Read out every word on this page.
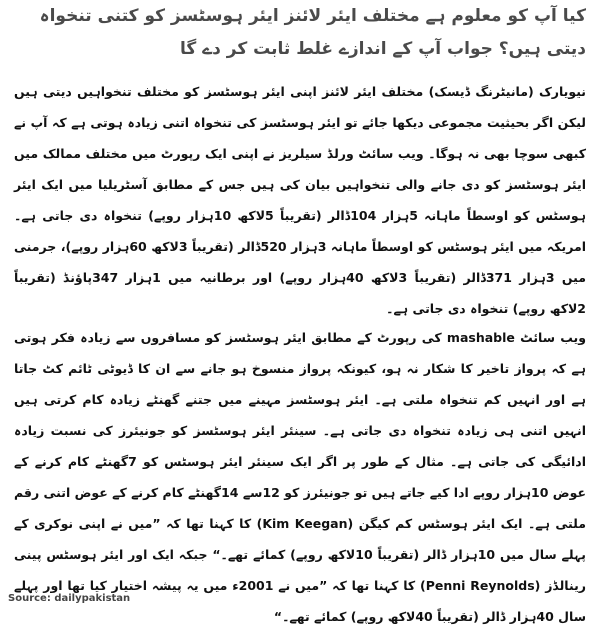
کیا آپ کو معلوم ہے مختلف ایئر لائنز ایئر ہوسٹسز کو کتنی تنخواہ دیتی ہیں؟ جواب آپ کے اندازے غلط ثابت کر دے گا
نیویارک (مانیٹرنگ ڈیسک) مختلف ایئر لائنز اپنی ایئر ہوسٹسز کو مختلف تنخواہیں دیتی ہیں لیکن اگر بحیثیت مجموعی دیکھا جائے تو ایئر ہوسٹسز کی تنخواہ اتنی زیادہ ہوتی ہے کہ آپ نے کبھی سوچا بھی نہ ہوگا۔ ویب سائٹ ورلڈ سیلریز نے اپنی ایک رپورٹ میں مختلف ممالک میں ایئر ہوسٹسز کو دی جانے والی تنخواہیں بیان کی ہیں جس کے مطابق آسٹریلیا میں ایک ایئر ہوسٹس کو اوسطاً ماہانہ 5ہزار 104ڈالر (تقریباً 5لاکھ 10ہزار روپے) تنخواہ دی جاتی ہے۔ امریکہ میں ایئر ہوسٹس کو اوسطاً ماہانہ 3ہزار 520ڈالر (تقریباً 3لاکھ 60ہزار روپے)، جرمنی میں 3ہزار 371ڈالر (تقریباً 3لاکھ 40ہزار روپے) اور برطانیہ میں 1ہزار 347پاؤنڈ (تقریباً 2لاکھ روپے) تنخواہ دی جاتی ہے۔
ویب سائٹ mashable کی رپورٹ کے مطابق ایئر ہوسٹسز کو مسافروں سے زیادہ فکر ہوتی ہے کہ پرواز تاخیر کا شکار نہ ہو، کیونکہ پرواز منسوخ ہو جانے سے ان کا ڈیوٹی ٹائم کٹ جاتا ہے اور انہیں کم تنخواہ ملتی ہے۔ ایئر ہوسٹسز مہینے میں جتنے گھنٹے زیادہ کام کرتی ہیں انہیں اتنی ہی زیادہ تنخواہ دی جاتی ہے۔ سینئر ایئر ہوسٹسز کو جونیئرز کی نسبت زیادہ ادائیگی کی جاتی ہے۔ مثال کے طور پر اگر ایک سینئر ایئر ہوسٹس کو 7گھنٹے کام کرنے کے عوض 10ہزار روپے ادا کیے جاتے ہیں تو جونیئرز کو 12سے 14گھنٹے کام کرنے کے عوض اتنی رقم ملتی ہے۔ ایک ایئر ہوسٹس کم کیگن (Kim Keegan) کا کہنا تھا کہ ”میں نے اپنی نوکری کے پہلے سال میں 10ہزار ڈالر (تقریباً 10لاکھ روپے) کمائے تھے۔“ جبکہ ایک اور ایئر ہوسٹس پینی رینالڈز (Penni Reynolds) کا کہنا تھا کہ ”میں نے 2001ء میں یہ پیشہ اختیار کیا تھا اور پہلے سال 40ہزار ڈالر (تقریباً 40لاکھ روپے) کمائے تھے۔“
Source: dailypakistan
